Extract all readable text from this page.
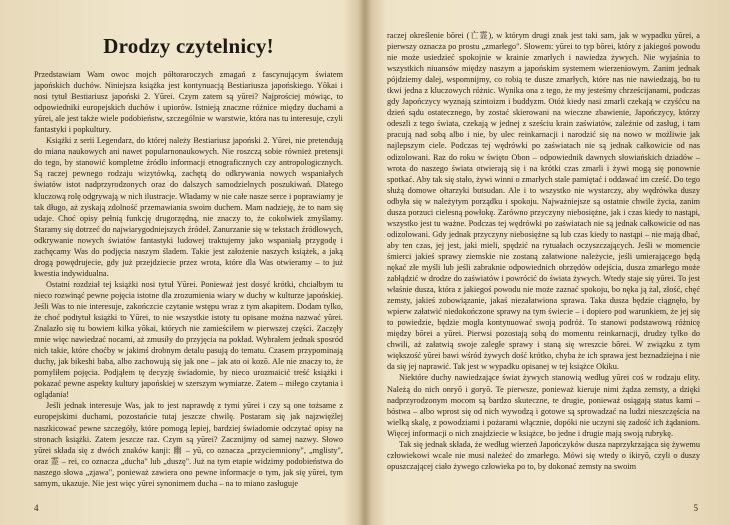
Drodzy czytelnicy!

Przedstawiam Wam owoc mojch półtoraroczych zmagań z fascynującym światem japońskich duchów. Niniejsza książka jest kontynuacją Bestiariusza japońskiego. Yōkai i nosi tytuł Bestiariusz japoński 2. Yūrei. Czym zatem są yūrei? Najprościej mówiąc, to odpowiedniki europejskich duchów i upiorów. Istnieją znaczne różnice między duchami a yūrei, ale jest także wiele podobieństw, szczególnie w warstwie, która nas tu interesuje, czyli fantastyki i popkultury.

Książki z serii Legendarz, do której należy Bestiariusz japoński 2. Yūrei, nie pretendują do miana naukowych ani nawet popularnonaukowych. Nie roszczą sobie również pretensji do tego, by stanowić kompletne źródło informacji etnograficznych czy antropologicznych. Są raczej pewnego rodzaju wizytówką, zachętą do odkrywania nowych wspaniałych światów istot nadprzyrodzonych oraz do dalszych samodzielnych poszukiwań. Dlatego kluczową rolę odgrywają w nich ilustracje. Władamy w nie całe nasze serce i poprawiamy je tak długo, aż zyskają zdolność przemawiania swoim duchem. Mam nadzieję, że to nam się udaje. Choć opisy pełnią funkcję drugorzędną, nie znaczy to, że cokolwiek zmyślamy. Staramy się dotrzeć do najwiarygodniejszych źródeł. Zanurzanie się w tekstach źródłowych, odkrywanie nowych światów fantastyki ludowej traktujemy jako wspaniałą przygodę i zachęcamy Was do podjęcia naszym śladem. Takie jest założenie naszych książek, a jaką drogą powędrujecie, gdy już przejdziecie przez wrota, które dla Was otwieramy – to już kwestia indywidualna.

Ostatni rozdział tej książki nosi tytuł Yūrei. Ponieważ jest dosyć krótki, chciałbym tu nieco rozwinąć pewne pojęcia istotne dla zrozumienia wiary w duchy w kulturze japońskiej. Jeśli Was to nie interesuje, zakończcie czytanie wstępu wraz z tym akapitem. Dodam tylko, że choć podtytuł książki to Yūrei, to nie wszystkie istoty tu opisane można nazwać yūrei. Znalazło się tu bowiem kilka yōkai, których nie zamieściłem w pierwszej części. Zaczęły mnie więc nawiedzać nocami, aż zmusiły do przyjęcia na pokład. Wybrałem jednak sposród nich takie, które choćby w jakimś drobnym detalu pasują do tematu. Czasem przypominają duchy, jak bikeshi baba, albo zachowują się jak one – jak ato oi kozō. Ale nie znaczy to, że pomyliłem pojęcia. Podjąłem tę decyzję świadomie, by nieco urozmaicić treść książki i pokazać pewne aspekty kultury japońskiej w szerszym wymiarze. Zatem – miłego czytania i oglądania!

Jeśli jednak interesuje Was, jak to jest naprawdę z tymi yūrei i czy są one tożsame z europejskimi duchami, pozostańcie tutaj jeszcze chwilę. Postaram się jak najzwięźlej naszkicować pewne szczegóły, które pomogą lepiej, bardziej świadomie odczytać opisy na stronach książki. Zatem jeszcze raz. Czym są yūrei? Zacznijmy od samej nazwy. Słowo yūrei składa się z dwóch znaków kanji: 幽 – yū, co oznacza „przyciemniony", „mglisty", oraz 霊 – rei, co oznacza „ducha" lub „duszę". Już na tym etapie widzimy podobieństwa do naszego słowa „zjawa", ponieważ zawiera ono pewne informacje o tym, jak się yūrei, tym samym, ukazuje. Nie jest więc yūrei synonimem ducha – na to miano zasługuje

4

raczej określenie bōrei (亡霊), w którym drugi znak jest taki sam, jak w wypadku yūrei, a pierwszy oznacza po prostu „zmarłego". Słowem: yūrei to typ bōrei, który z jakiegoś powodu nie może usiedzieć spokojnie w krainie zmarłych i nawiedza żywych. Nie wyjaśnia to wszystkich niuansów między naszym a japońskim systemem wierzeniowym. Zanim jednak pójdziemy dalej, wspomnijmy, co robią te dusze zmarłych, które nas nie nawiedzają, bo tu tkwi jedna z kluczowych różnic. Wynika ona z tego, że my jesteśmy chrześcijanami, podczas gdy Japończycy wyznają szintoizm i buddyzm. Otóż kiedy nasi zmarli czekają w czyśćcu na dzień sądu ostatecznego, by zostać skierowani na wieczne zbawienie, Japończycy, którzy odeszli z tego świata, czekają w jednej z sześciu krain zaświatów, zależnie od zasług, i tam pracują nad sobą albo i nie, by ulec reinkarnacji i narodzić się na nowo w możliwie jak najlepszym ciele. Podczas tej wędrówki po zaświatach nie są jednak całkowicie od nas odizolowani. Raz do roku w święto Obon – odpowiednik dawnych słowiańskich dziadów – wrota do naszego świata otwierają się i na krótki czas zmarli i żywi mogą się ponownie spotkać. Aby tak się stało, żywi winni o zmarłych stale pamiętać i oddawać im cześć. Do tego służą domowe ołtarzyki butsudan. Ale i to wszystko nie wystarczy, aby wędrówka duszy odbyła się w należytym porządku i spokoju. Najważniejsze są ostatnie chwile życia, zanim dusza porzuci cielesną powłokę. Zarówno przyczyny niebosiężne, jak i czas kiedy to nastąpi, wszystko jest tu ważne. Podczas tej wędrówki po zaświatach nie są jednak całkowicie od nas odizolowani. Gdy jednak przyczyny niebosiężne są lub czas kiedy to nastąpi – nie mają dbać, aby ten czas, jej jest, jaki mieli, spędzić na rytuałach oczyszczających. Jeśli w momencie śmierci jakieś sprawy ziemskie nie zostaną załatwione należycie, jeśli umierającego będą nękać złe myśli lub jeśli zabraknie odpowiednich obrzędów odejścia, dusza zmarłego może zabłądzić w drodze do zaświatów i powrócić do świata żywych. Wtedy staje się yūrei. To jest właśnie dusza, która z jakiegoś powodu nie może zaznać spokoju, bo nęka ją żal, złość, chęć zemsty, jakieś zobowiązanie, jakaś niezałatwiona sprawa. Taka dusza będzie ciągnęło, by wpierw załatwić niedokończone sprawy na tym świecie – i dopiero pod warunkiem, że jej się to powiedzie, będzie mogła kontynuować swoją podróż. To stanowi podstawową różnicę między bōrei a yūrei. Pierwsi pozostają sobą do momentu reinkarnacji, drudzy tylko do chwili, aż załatwią swoje zaległe sprawy i staną się wreszcie bōrei. W związku z tym większość yūrei bawi wśród żywych dość krótko, chyba że ich sprawa jest beznadziejna i nie da się jej naprawić. Tak jest w wypadku opisanej w tej książce Okiku.

Niektóre duchy nawiedzające świat żywych stanowią według yūrei coś w rodzaju elity. Należą do nich onryō i goryō. Te pierwsze, ponieważ kieruje nimi żądza zemsty, a dzięki nadprzyrodzonym mocom są bardzo skuteczne, te drugie, ponieważ osiągają status kami – bóstwa – albo wprost się od nich wywodzą i gotowe są sprowadzać na ludzi nieszczęścia na wielką skalę, z powodziami i pożarami włącznie, dopóki nie uczyni się zadość ich żądaniom. Więcej informacji o nich znajdziecie w książce, bo jedne i drugie mają swoją rubrykę.

Tak się jednak składa, że według wierzeń Japończyków dusza naprzykrzająca się żywemu człowiekowi wcale nie musi należeć do zmarłego. Mówi się wtedy o ikiryō, czyli o duszy opuszczającej ciało żywego człowieka po to, by dokonać zemsty na swoim

5
